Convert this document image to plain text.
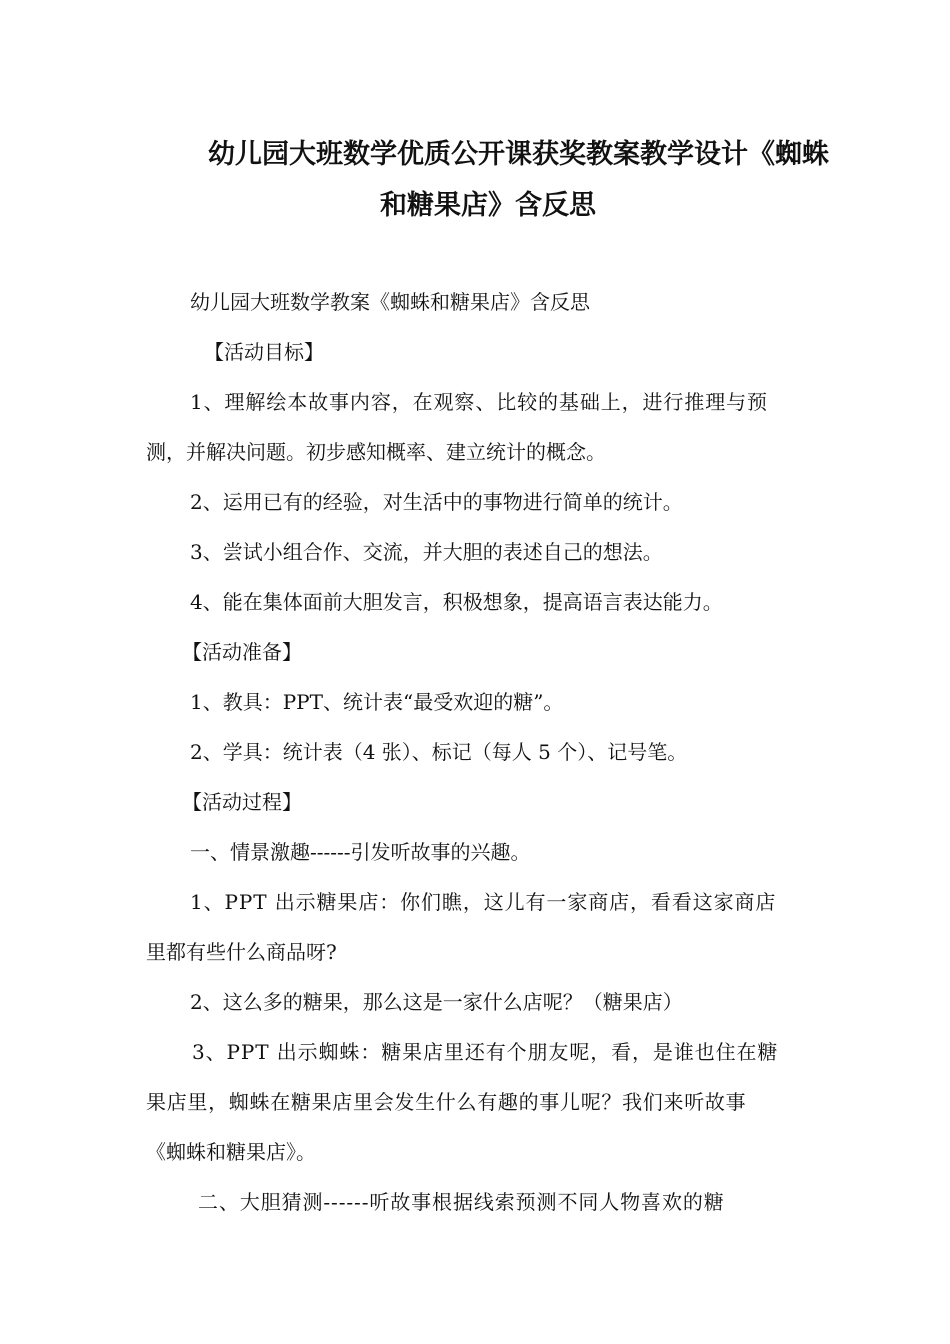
幼儿园大班数学优质公开课获奖教案教学设计《蜘蛛
和糖果店》含反思
幼儿园大班数学教案《蜘蛛和糖果店》含反思
【活动目标】
1、理解绘本故事内容，在观察、比较的基础上，进行推理与预
测，并解决问题。初步感知概率、建立统计的概念。
2、运用已有的经验，对生活中的事物进行简单的统计。
3、尝试小组合作、交流，并大胆的表述自己的想法。
4、能在集体面前大胆发言，积极想象，提高语言表达能力。
【活动准备】
1、教具：PPT、统计表“最受欢迎的糖”。
2、学具：统计表（4 张）、标记（每人 5 个）、记号笔。
【活动过程】
一、情景激趣------引发听故事的兴趣。
1、PPT 出示糖果店：你们瞧，这儿有一家商店，看看这家商店
里都有些什么商品呀?
2、这么多的糖果，那么这是一家什么店呢？（糖果店）
3、PPT 出示蜘蛛：糖果店里还有个朋友呢，看，是谁也住在糖
果店里，蜘蛛在糖果店里会发生什么有趣的事儿呢？我们来听故事
《蜘蛛和糖果店》。
二、大胆猜测------听故事根据线索预测不同人物喜欢的糖
